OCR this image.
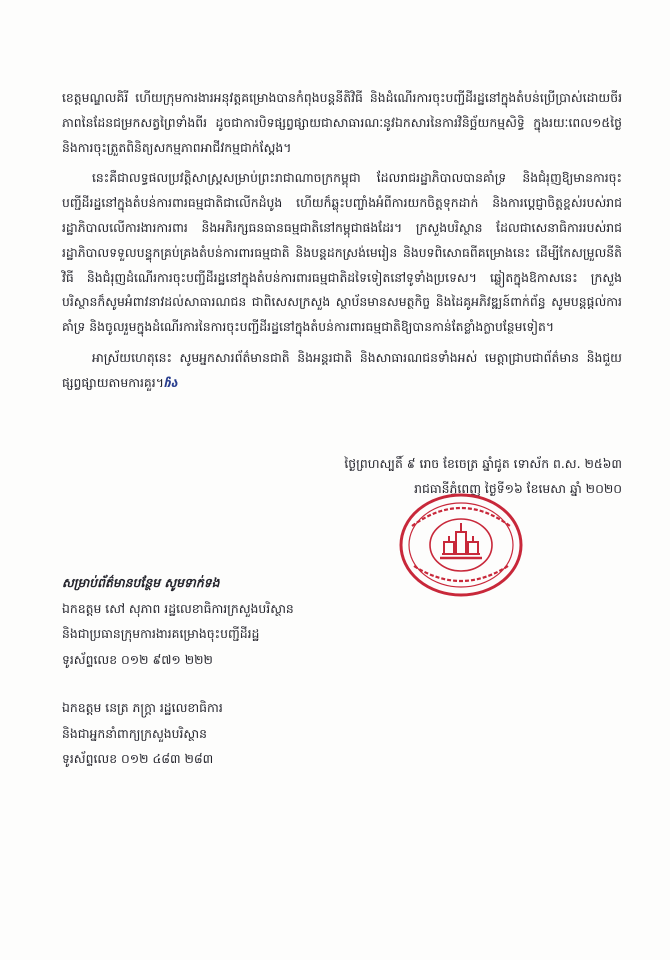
ខេត្តមណ្ឌលគិរី ហើយក្រុមការងារអនុវត្តគម្រោងបានកំពុងបន្តនីតិវិធី និងដំណើរការចុះបញ្ជីដីរដ្ឋនៅក្នុងតំបន់ប្រើប្រាស់ដោយចីរភាពនៃដែនជម្រកសត្វព្រៃទាំងពីរ ដូចជាការបិទផ្សព្វផ្សាយជាសាធារណៈនូវឯកសារនៃការវិនិច្ឆ័យកម្មសិទ្ធិ ក្នុងរយៈពេល១៥ថ្ងៃ និងការចុះត្រួតពិនិត្យសកម្មភាពអាជីវកម្មជាក់ស្តែង។

នេះគឺជាលទ្ធផលប្រវត្តិសាស្ត្រសម្រាប់ព្រះរាជាណាចក្រកម្ពុជា ដែលរាជរដ្ឋាភិបាលបានគាំទ្រ និងជំរុញឱ្យមានការចុះបញ្ជីដីរដ្ឋនៅក្នុងតំបន់ការពារធម្មជាតិជាលើកដំបូង ហើយក៏ឆ្លុះបញ្ចាំងអំពីការយកចិត្តទុកដាក់ និងការប្តេជ្ញាចិត្តខ្ពស់របស់រាជរដ្ឋាភិបាលលើការងារការពារ និងអភិរក្សធនធានធម្មជាតិនៅកម្ពុជាផងដែរ។ ក្រសួងបរិស្ថាន ដែលជាសេនាធិការរបស់រាជរដ្ឋាភិបាលទទួលបន្ទុកគ្រប់គ្រងតំបន់ការពារធម្មជាតិ និងបន្តដកស្រង់មេរៀន និងបទពិសោធពីគម្រោងនេះ ដើម្បីកែសម្រួលនីតិវិធី និងជំរុញដំណើរការចុះបញ្ជីដីរដ្ឋនៅក្នុងតំបន់ការពារធម្មជាតិដទៃទៀតនៅទូទាំងប្រទេស។ ឆ្លៀតក្នុងឱកាសនេះ ក្រសួងបរិស្ថានក៏សូមអំពាវនាវដល់សាធារណជន ជាពិសេសក្រសួង ស្ថាប័នមានសមត្ថកិច្ច និងដៃគូអភិវឌ្ឍន៍ពាក់ព័ន្ធ សូមបន្តផ្តល់ការគាំទ្រ និងចូលរួមក្នុងដំណើរការនៃការចុះបញ្ជីដីរដ្ឋនៅក្នុងតំបន់ការពារធម្មជាតិឱ្យបានកាន់តែខ្លាំងក្លាបន្ថែមទៀត។

អាស្រ័យហេតុនេះ សូមអ្នកសារព័ត៌មានជាតិ និងអន្តរជាតិ និងសាធារណជនទាំងអស់ មេត្តាជ្រាបជាព័ត៌មាន និងជួយផ្សព្វផ្សាយតាមការគួរ។ჩა

ថ្ងៃព្រហស្បតិ៍ ៩ រោច ខែចេត្រ ឆ្នាំជូត ទោស័ក ព.ស. ២៥៦៣
រាជធានីភ្នំពេញ ថ្ងៃទី១៦ ខែមេសា ឆ្នាំ ២០២០
សម្រាប់ព័ត៌មានបន្ថែម សូមទាក់ទង
ឯកឧត្តម សៅ សុភាព រដ្ឋលេខាធិការក្រសួងបរិស្ថាន
និងជាប្រធានក្រុមការងារគម្រោងចុះបញ្ជីដីរដ្ឋ
ទូរស័ព្ទលេខ ០១២ ៩៧១ ២២២
ឯកឧត្តម នេត្រ ភក្ត្រា រដ្ឋលេខាធិការ
និងជាអ្នកនាំពាក្យក្រសួងបរិស្ថាន
ទូរស័ព្ទលេខ ០១២ ៤៨៣ ២៨៣
